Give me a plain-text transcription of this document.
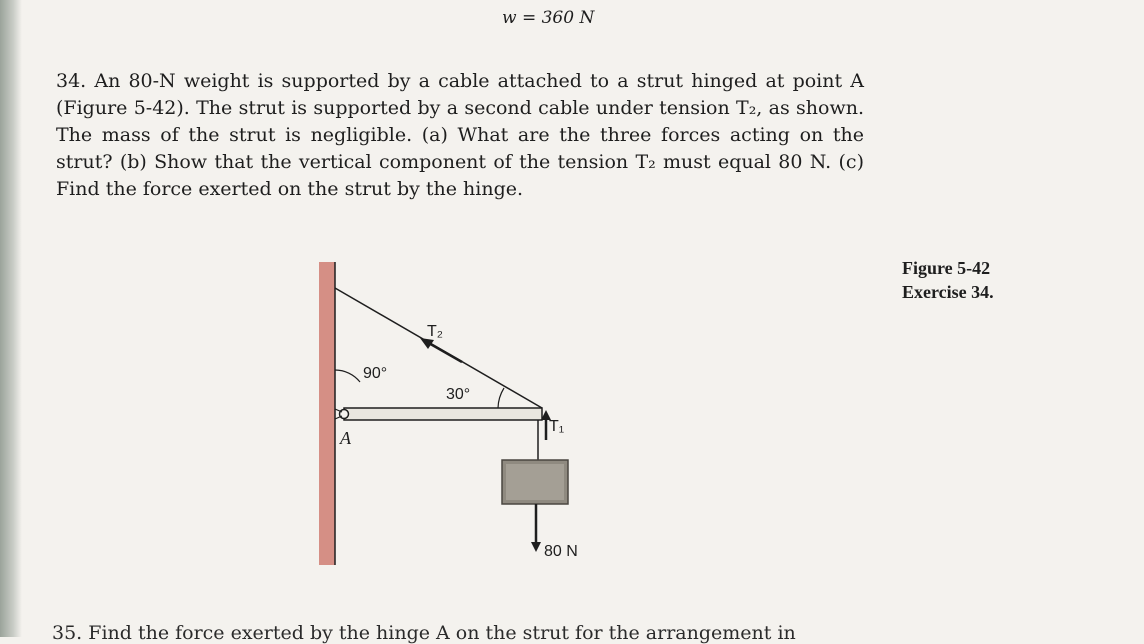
w = 360 N
34. An 80-N weight is supported by a cable attached to a strut hinged at point A (Figure 5-42). The strut is supported by a second cable under tension T₂, as shown. The mass of the strut is negligible. (a) What are the three forces acting on the strut? (b) Show that the vertical component of the tension T₂ must equal 80 N. (c) Find the force exerted on the strut by the hinge.
Figure 5-42
Exercise 34.
T₂
T₁
90°
30°
A
80 N
35. Find the force exerted by the hinge A on the strut for the arrangement in
